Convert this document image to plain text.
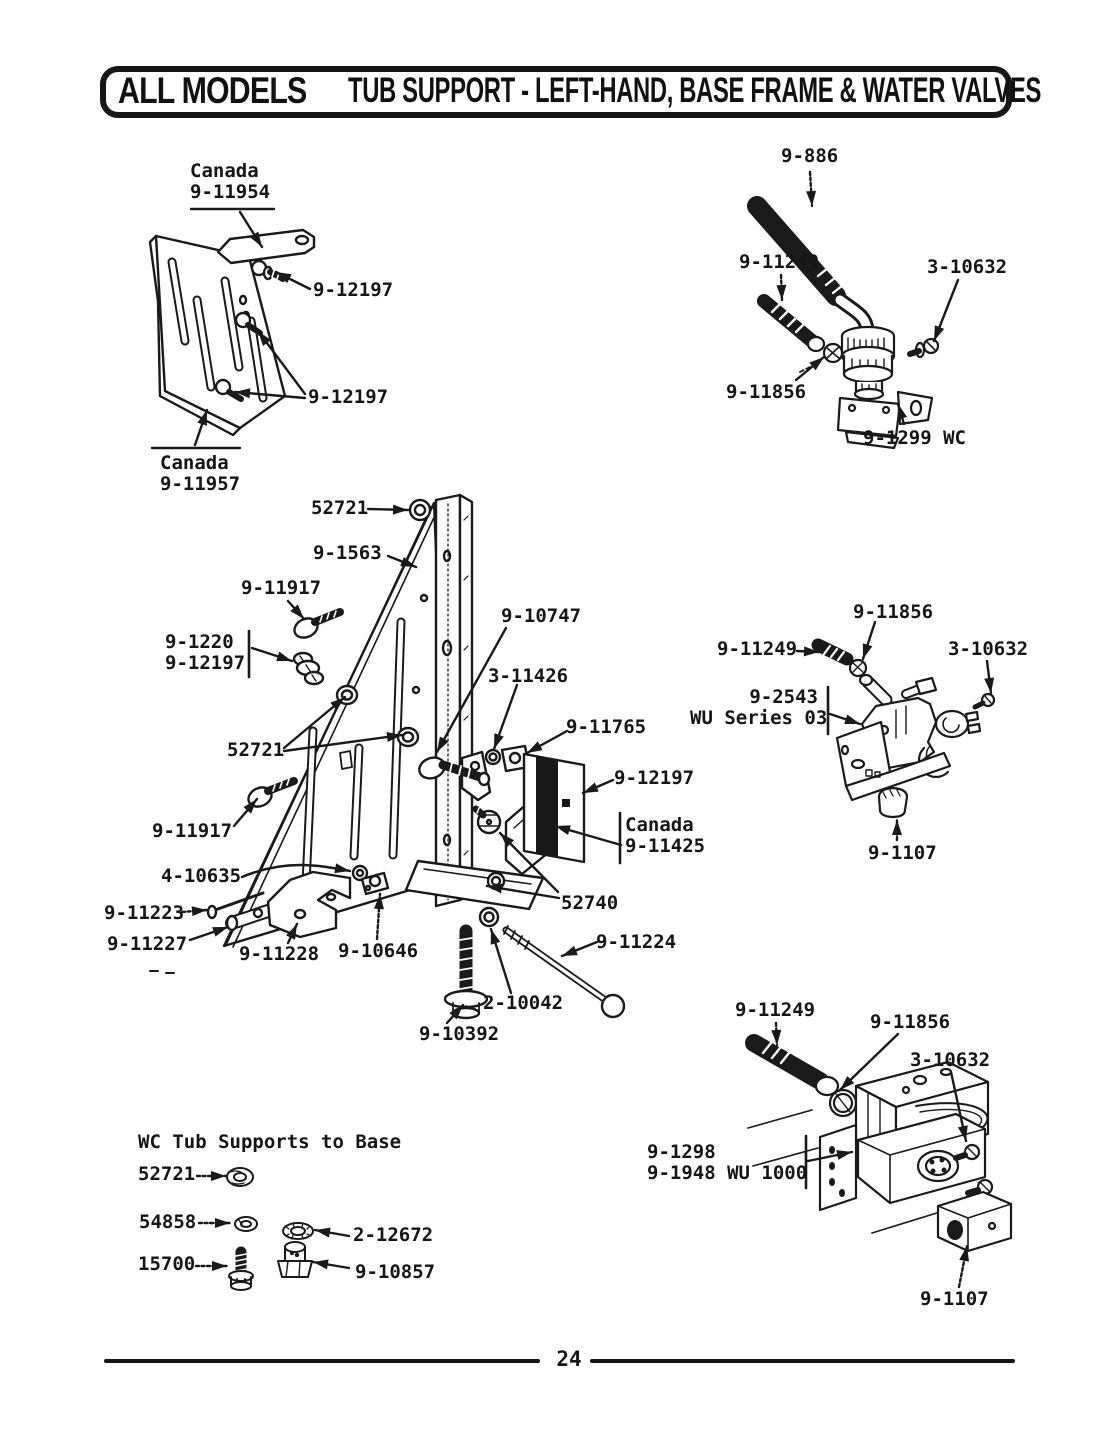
ALL MODELS TUB SUPPORT - LEFT-HAND, BASE FRAME & WATER VALVES
Canada
9-11954
9-12197
9-12197
Canada
9-11957
9-886
9-11249	3-10632
9-11856
9-1299 WC
52721
9-1563
9-11917
9-1220
9-12197
52721
9-10747
3-11426
9-11765
9-12197
Canada
9-11425
9-11917
4-10635
9-11223
9-11227	9-11228 9-10646
52740
9-11224
2-10042
9-10392
9-11856
9-11249	3-10632
9-2543
WU Series 03
9-1107
WC Tub Supports to Base
52721
54858
2-12672
15700	9-10857
9-11249
9-11856
3-10632
9-1298
9-1948 WU 1000
9-1107
24
